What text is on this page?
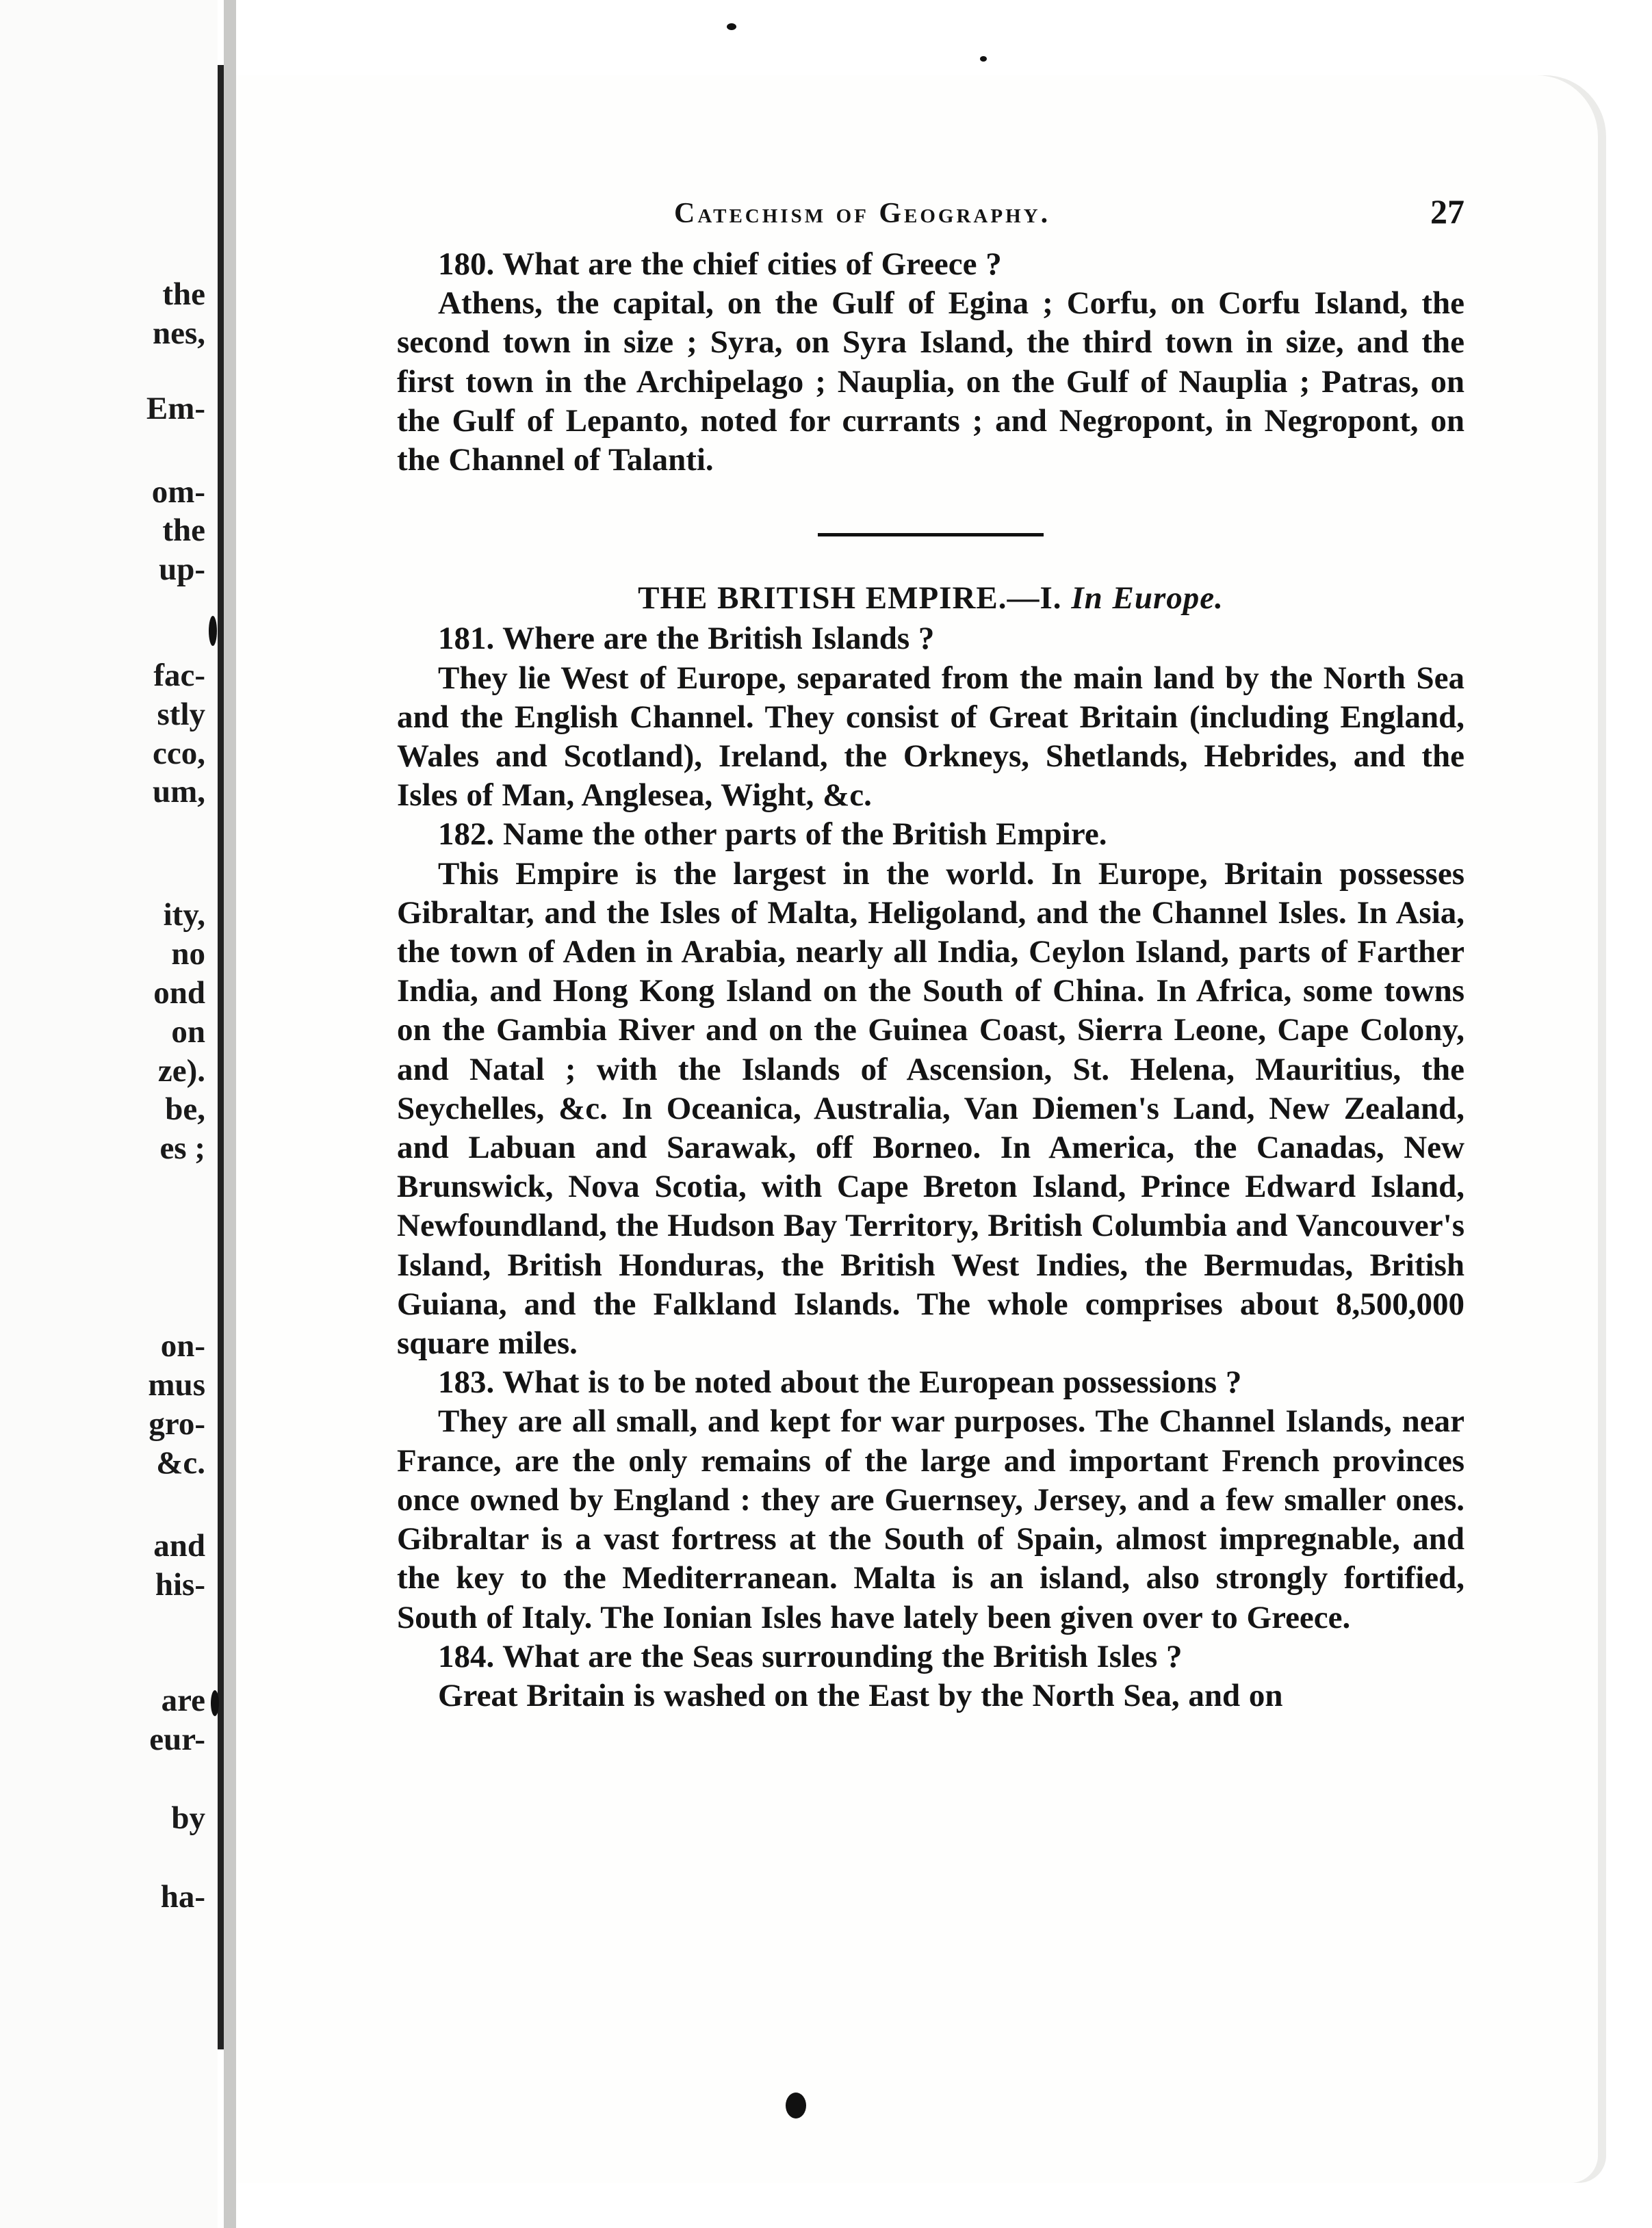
the

nes,

Em-

om-

the

up-

fac-

stly

cco,

um,

ity,

no

ond

on

ze).

be,

es ;

on-

mus

gro-

&c.

and

his-

are

eur-

by

ha-

Catechism of Geography.	27

180. What are the chief cities of Greece ?

Athens, the capital, on the Gulf of Egina ; Corfu, on Corfu Island, the second town in size ; Syra, on Syra Island, the third town in size, and the first town in the Archipelago ; Nauplia, on the Gulf of Nauplia ; Patras, on the Gulf of Lepanto, noted for currants ; and Negropont, in Negropont, on the Channel of Talanti.

THE BRITISH EMPIRE.—I. In Europe.

181. Where are the British Islands ?

They lie West of Europe, separated from the main land by the North Sea and the English Channel. They consist of Great Britain (including England, Wales and Scotland), Ireland, the Orkneys, Shetlands, Hebrides, and the Isles of Man, Anglesea, Wight, &c.

182. Name the other parts of the British Empire.

This Empire is the largest in the world. In Europe, Britain possesses Gibraltar, and the Isles of Malta, Heligoland, and the Channel Isles. In Asia, the town of Aden in Arabia, nearly all India, Ceylon Island, parts of Farther India, and Hong Kong Island on the South of China. In Africa, some towns on the Gambia River and on the Guinea Coast, Sierra Leone, Cape Colony, and Natal ; with the Islands of Ascension, St. Helena, Mauritius, the Seychelles, &c. In Oceanica, Australia, Van Diemen's Land, New Zealand, and Labuan and Sarawak, off Borneo. In America, the Canadas, New Brunswick, Nova Scotia, with Cape Breton Island, Prince Edward Island, Newfoundland, the Hudson Bay Territory, British Columbia and Vancouver's Island, British Honduras, the British West Indies, the Bermudas, British Guiana, and the Falkland Islands. The whole comprises about 8,500,000 square miles.

183. What is to be noted about the European possessions ?

They are all small, and kept for war purposes. The Channel Islands, near France, are the only remains of the large and important French provinces once owned by England : they are Guernsey, Jersey, and a few smaller ones. Gibraltar is a vast fortress at the South of Spain, almost impregnable, and the key to the Mediterranean. Malta is an island, also strongly fortified, South of Italy. The Ionian Isles have lately been given over to Greece.

184. What are the Seas surrounding the British Isles ?

Great Britain is washed on the East by the North Sea, and on
